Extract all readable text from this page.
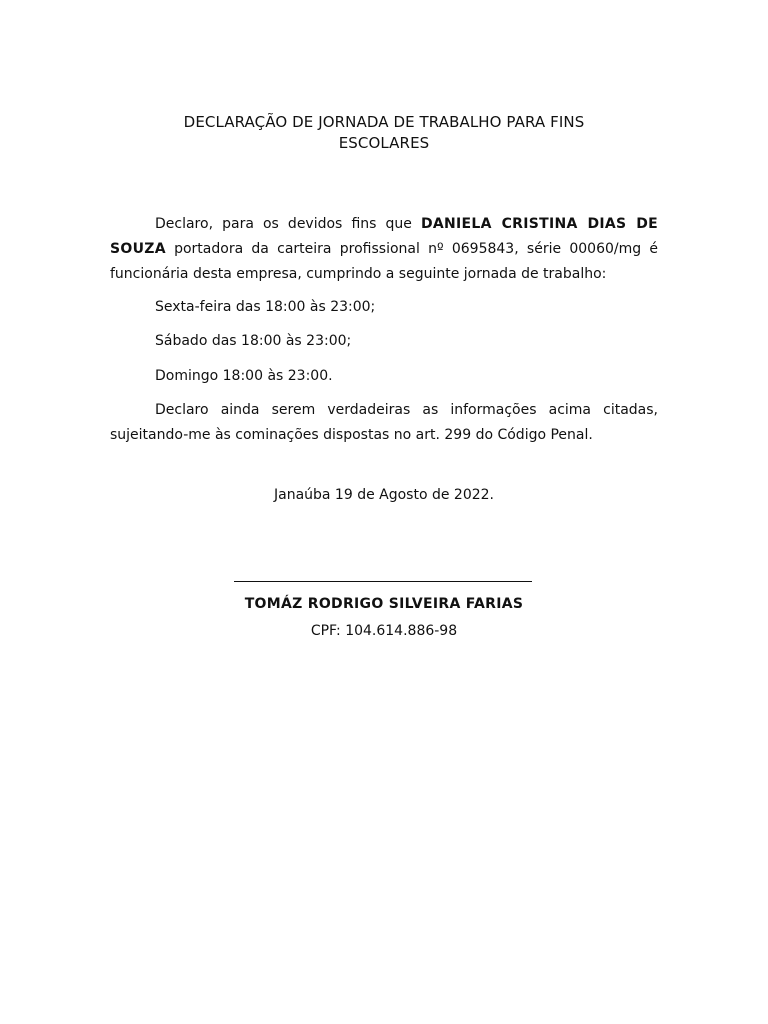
DECLARAÇÃO DE JORNADA DE TRABALHO PARA FINS
ESCOLARES
Declaro, para os devidos fins que DANIELA CRISTINA DIAS DE SOUZA portadora da carteira profissional nº 0695843, série 00060/mg é funcionária desta empresa, cumprindo a seguinte jornada de trabalho:
Sexta-feira das 18:00 às 23:00;
Sábado das 18:00 às 23:00;
Domingo 18:00 às 23:00.
Declaro ainda serem verdadeiras as informações acima citadas, sujeitando-me às cominações dispostas no art. 299 do Código Penal.
Janaúba 19 de Agosto de 2022.
TOMÁZ RODRIGO SILVEIRA FARIAS
CPF: 104.614.886-98
